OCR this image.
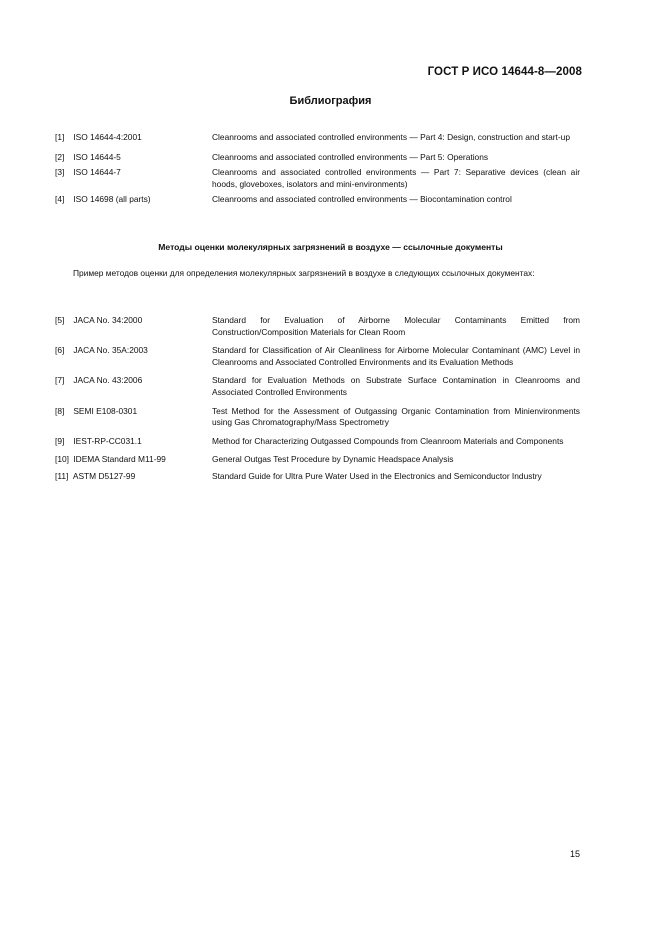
ГОСТ Р ИСО 14644-8—2008
Библиография
[1] ISO 14644-4:2001	Cleanrooms and associated controlled environments — Part 4: Design, construction and start-up
[2] ISO 14644-5	Cleanrooms and associated controlled environments — Part 5: Operations
[3] ISO 14644-7	Cleanrooms and associated controlled environments — Part 7: Separative devices (clean air hoods, gloveboxes, isolators and mini-environments)
[4] ISO 14698 (all parts)	Cleanrooms and associated controlled environments — Biocontamination control
Методы оценки молекулярных загрязнений в воздухе — ссылочные документы
Пример методов оценки для определения молекулярных загрязнений в воздухе в следующих ссылочных документах:
[5] JACA No. 34:2000	Standard for Evaluation of Airborne Molecular Contaminants Emitted from Construction/Composition Materials for Clean Room
[6] JACA No. 35A:2003	Standard for Classification of Air Cleanliness for Airborne Molecular Contaminant (AMC) Level in Cleanrooms and Associated Controlled Environments and its Evaluation Methods
[7] JACA No. 43:2006	Standard for Evaluation Methods on Substrate Surface Contamination in Cleanrooms and Associated Controlled Environments
[8] SEMI E108-0301	Test Method for the Assessment of Outgassing Organic Contamination from Minienvironments using Gas Chromatography/Mass Spectrometry
[9] IEST-RP-CC031.1	Method for Characterizing Outgassed Compounds from Cleanroom Materials and Components
[10] IDEMA Standard M11-99	General Outgas Test Procedure by Dynamic Headspace Analysis
[11] ASTM D5127-99	Standard Guide for Ultra Pure Water Used in the Electronics and Semiconductor Industry
15
